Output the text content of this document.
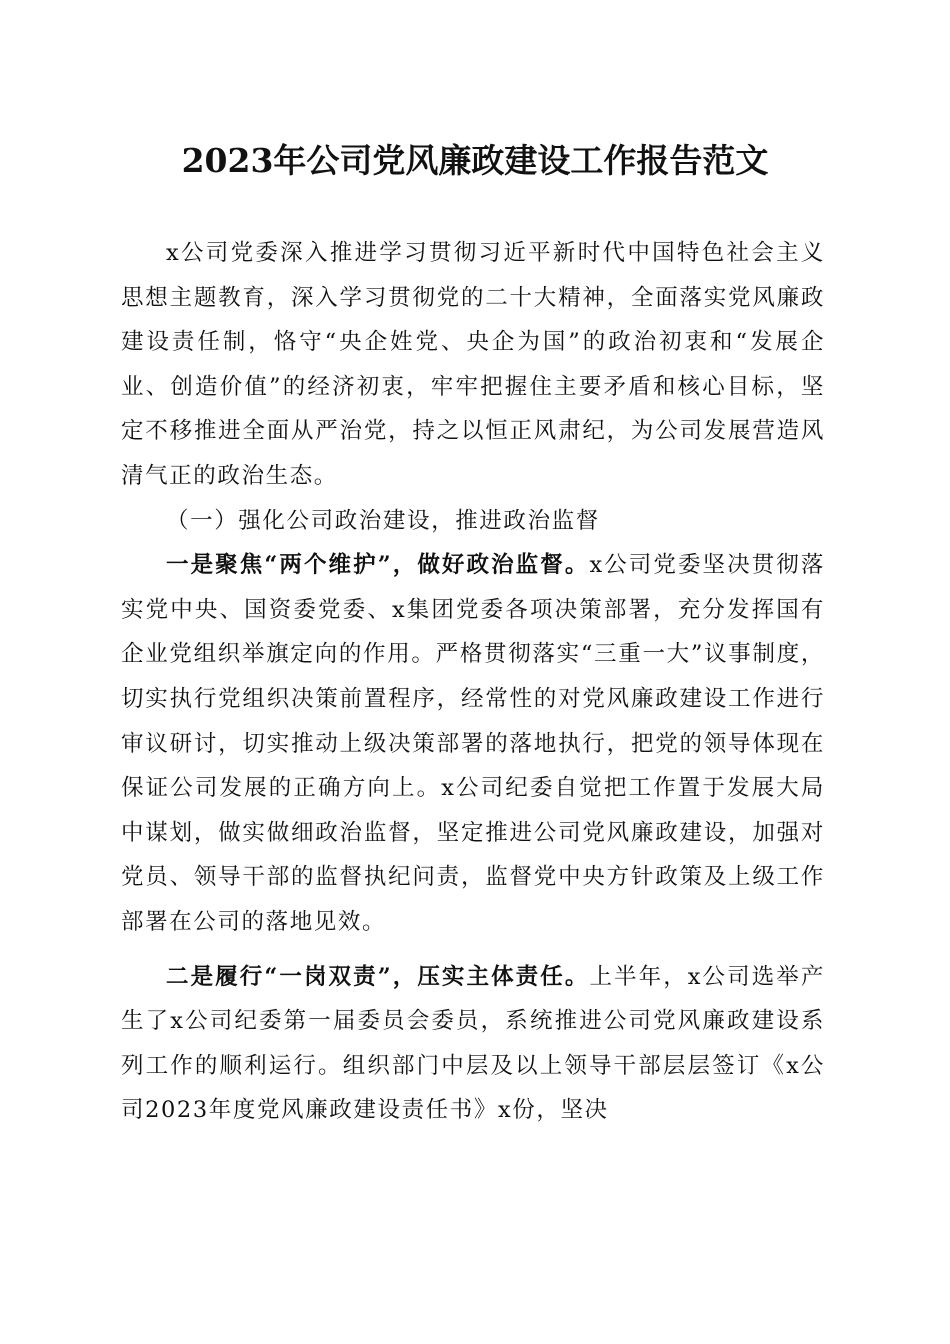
2023年公司党风廉政建设工作报告范文

x公司党委深入推进学习贯彻习近平新时代中国特色社会主义思想主题教育，深入学习贯彻党的二十大精神，全面落实党风廉政建设责任制，恪守“央企姓党、央企为国”的政治初衷和“发展企业、创造价值”的经济初衷，牢牢把握住主要矛盾和核心目标，坚定不移推进全面从严治党，持之以恒正风肃纪，为公司发展营造风清气正的政治生态。

（一）强化公司政治建设，推进政治监督

一是聚焦“两个维护”，做好政治监督。x公司党委坚决贯彻落实党中央、国资委党委、x集团党委各项决策部署，充分发挥国有企业党组织举旗定向的作用。严格贯彻落实“三重一大”议事制度，切实执行党组织决策前置程序，经常性的对党风廉政建设工作进行审议研讨，切实推动上级决策部署的落地执行，把党的领导体现在保证公司发展的正确方向上。x公司纪委自觉把工作置于发展大局中谋划，做实做细政治监督，坚定推进公司党风廉政建设，加强对党员、领导干部的监督执纪问责，监督党中央方针政策及上级工作部署在公司的落地见效。

二是履行“一岗双责”，压实主体责任。上半年，x公司选举产生了x公司纪委第一届委员会委员，系统推进公司党风廉政建设系列工作的顺利运行。组织部门中层及以上领导干部层层签订《x公司2023年度党风廉政建设责任书》x份，坚决
